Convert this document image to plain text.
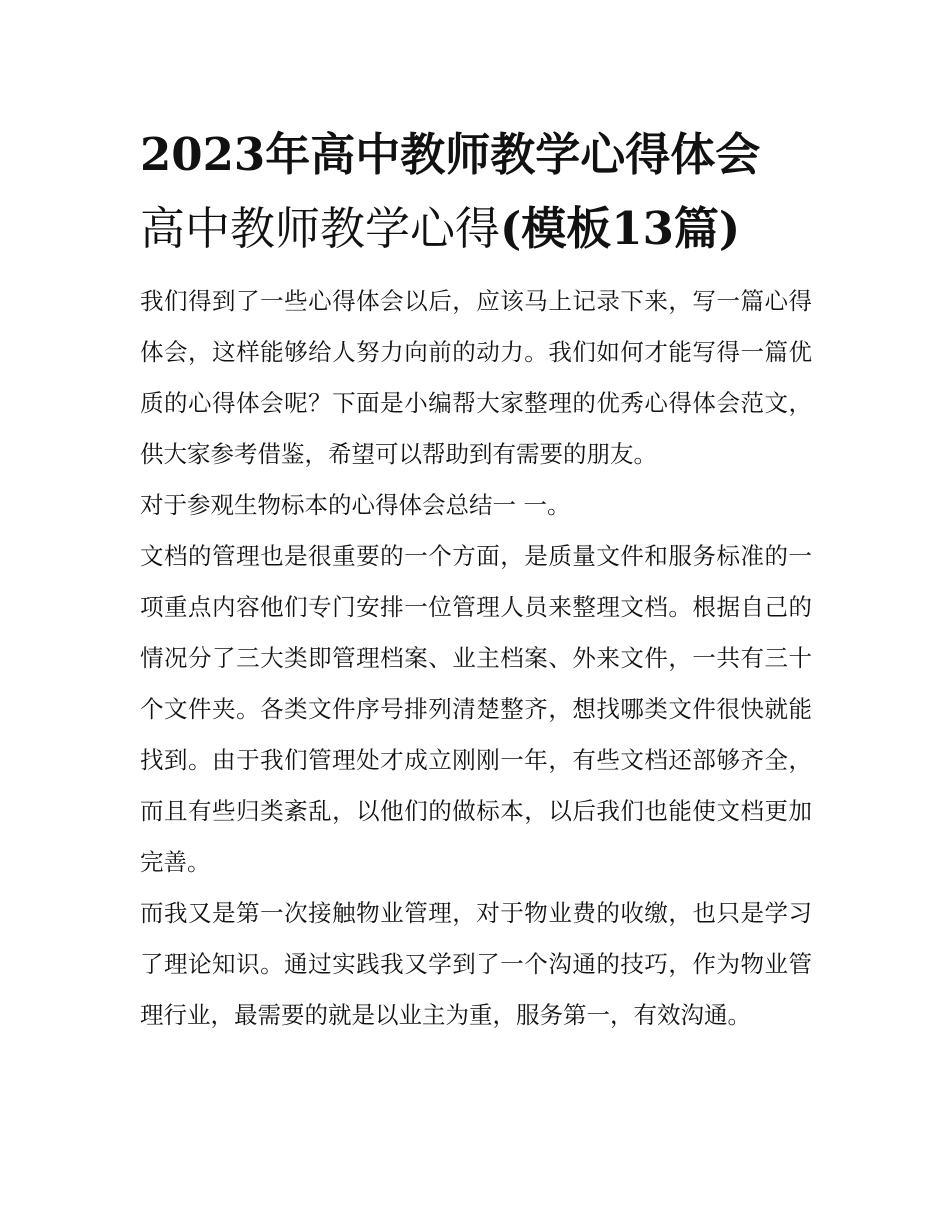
2023年高中教师教学心得体会
高中教师教学心得(模板13篇)

我们得到了一些心得体会以后，应该马上记录下来，写一篇心得体会，这样能够给人努力向前的动力。我们如何才能写得一篇优质的心得体会呢？下面是小编帮大家整理的优秀心得体会范文，供大家参考借鉴，希望可以帮助到有需要的朋友。

对于参观生物标本的心得体会总结一 一。

文档的管理也是很重要的一个方面，是质量文件和服务标准的一项重点内容他们专门安排一位管理人员来整理文档。根据自己的情况分了三大类即管理档案、业主档案、外来文件，一共有三十个文件夹。各类文件序号排列清楚整齐，想找哪类文件很快就能找到。由于我们管理处才成立刚刚一年，有些文档还部够齐全，而且有些归类紊乱，以他们的做标本，以后我们也能使文档更加完善。

而我又是第一次接触物业管理，对于物业费的收缴，也只是学习了理论知识。通过实践我又学到了一个沟通的技巧，作为物业管理行业，最需要的就是以业主为重，服务第一，有效沟通。
